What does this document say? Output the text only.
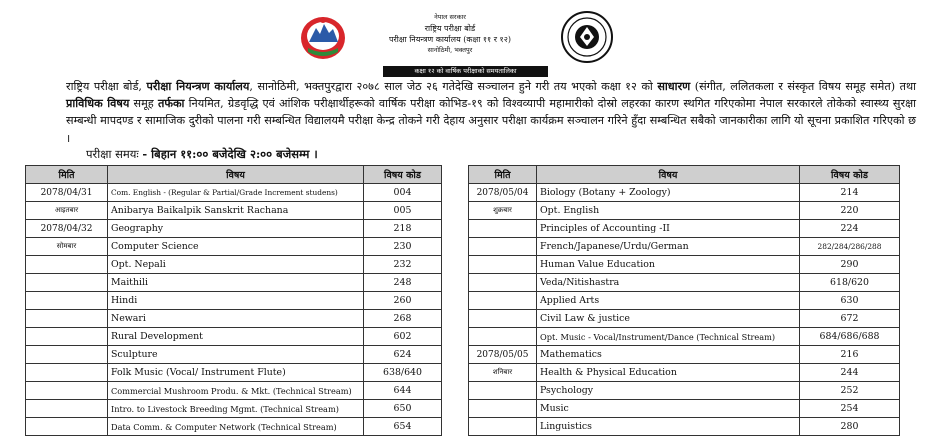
नेपाल सरकार
राष्ट्रिय परीक्षा बोर्ड
परीक्षा नियन्त्रण कार्यालय (कक्षा ११ र १२)
सानोठिमी, भक्तपुर
कक्षा १२ को वार्षिक परीक्षाको समयतालिका
राष्ट्रिय परीक्षा बोर्ड, परीक्षा नियन्त्रण कार्यालय, सानोठिमी, भक्तपुरद्वारा २०७८ साल जेठ २६ गतेदेखि सञ्चालन हुने गरी तय भएको कक्षा १२ को साधारण (संगीत, ललितकला र संस्कृत विषय समूह समेत) तथा प्राविधिक विषय समूह तर्फका नियमित, ग्रेडवृद्धि एवं आंशिक परीक्षार्थीहरूको वार्षिक परीक्षा कोभिड-१९ को विश्वव्यापी महामारीको दोस्रो लहरका कारण स्थगित गरिएकोमा नेपाल सरकारले तोकेको स्वास्थ्य सुरक्षा सम्बन्धी मापदण्ड र सामाजिक दुरीको पालना गरी सम्बन्धित विद्यालयमै परीक्षा केन्द्र तोकने गरी देहाय अनुसार परीक्षा कार्यक्रम सञ्चालन गरिने हुँदा सम्बन्धित सबैको जानकारीका लागि यो सूचना प्रकाशित गरिएको छ ।
परीक्षा समयः - बिहान ११:०० बजेदेखि २:०० बजेसम्म ।
मिति	विषय	विषय कोड
2078/04/31	Com. English - (Regular & Partial/Grade Increment studens)	004
आइतबार	Anibarya Baikalpik Sanskrit Rachana	005
2078/04/32	Geography	218
सोमबार	Computer Science	230
	Opt. Nepali	232
	Maithili	248
	Hindi	260
	Newari	268
	Rural Development	602
	Sculpture	624
	Folk Music (Vocal/ Instrument Flute)	638/640
	Commercial Mushroom Produ. & Mkt. (Technical Stream)	644
	Intro. to Livestock Breeding Mgmt. (Technical Stream)	650
	Data Comm. & Computer Network (Technical Stream)	654
मिति	विषय	विषय कोड
2078/05/04	Biology (Botany + Zoology)	214
शुक्रबार	Opt. English	220
	Principles of Accounting -II	224
	French/Japanese/Urdu/German	282/284/286/288
	Human Value Education	290
	Veda/Nitishastra	618/620
	Applied Arts	630
	Civil Law & justice	672
	Opt. Music - Vocal/Instrument/Dance (Technical Stream)	684/686/688
2078/05/05	Mathematics	216
शनिबार	Health & Physical Education	244
	Psychology	252
	Music	254
	Linguistics	280
